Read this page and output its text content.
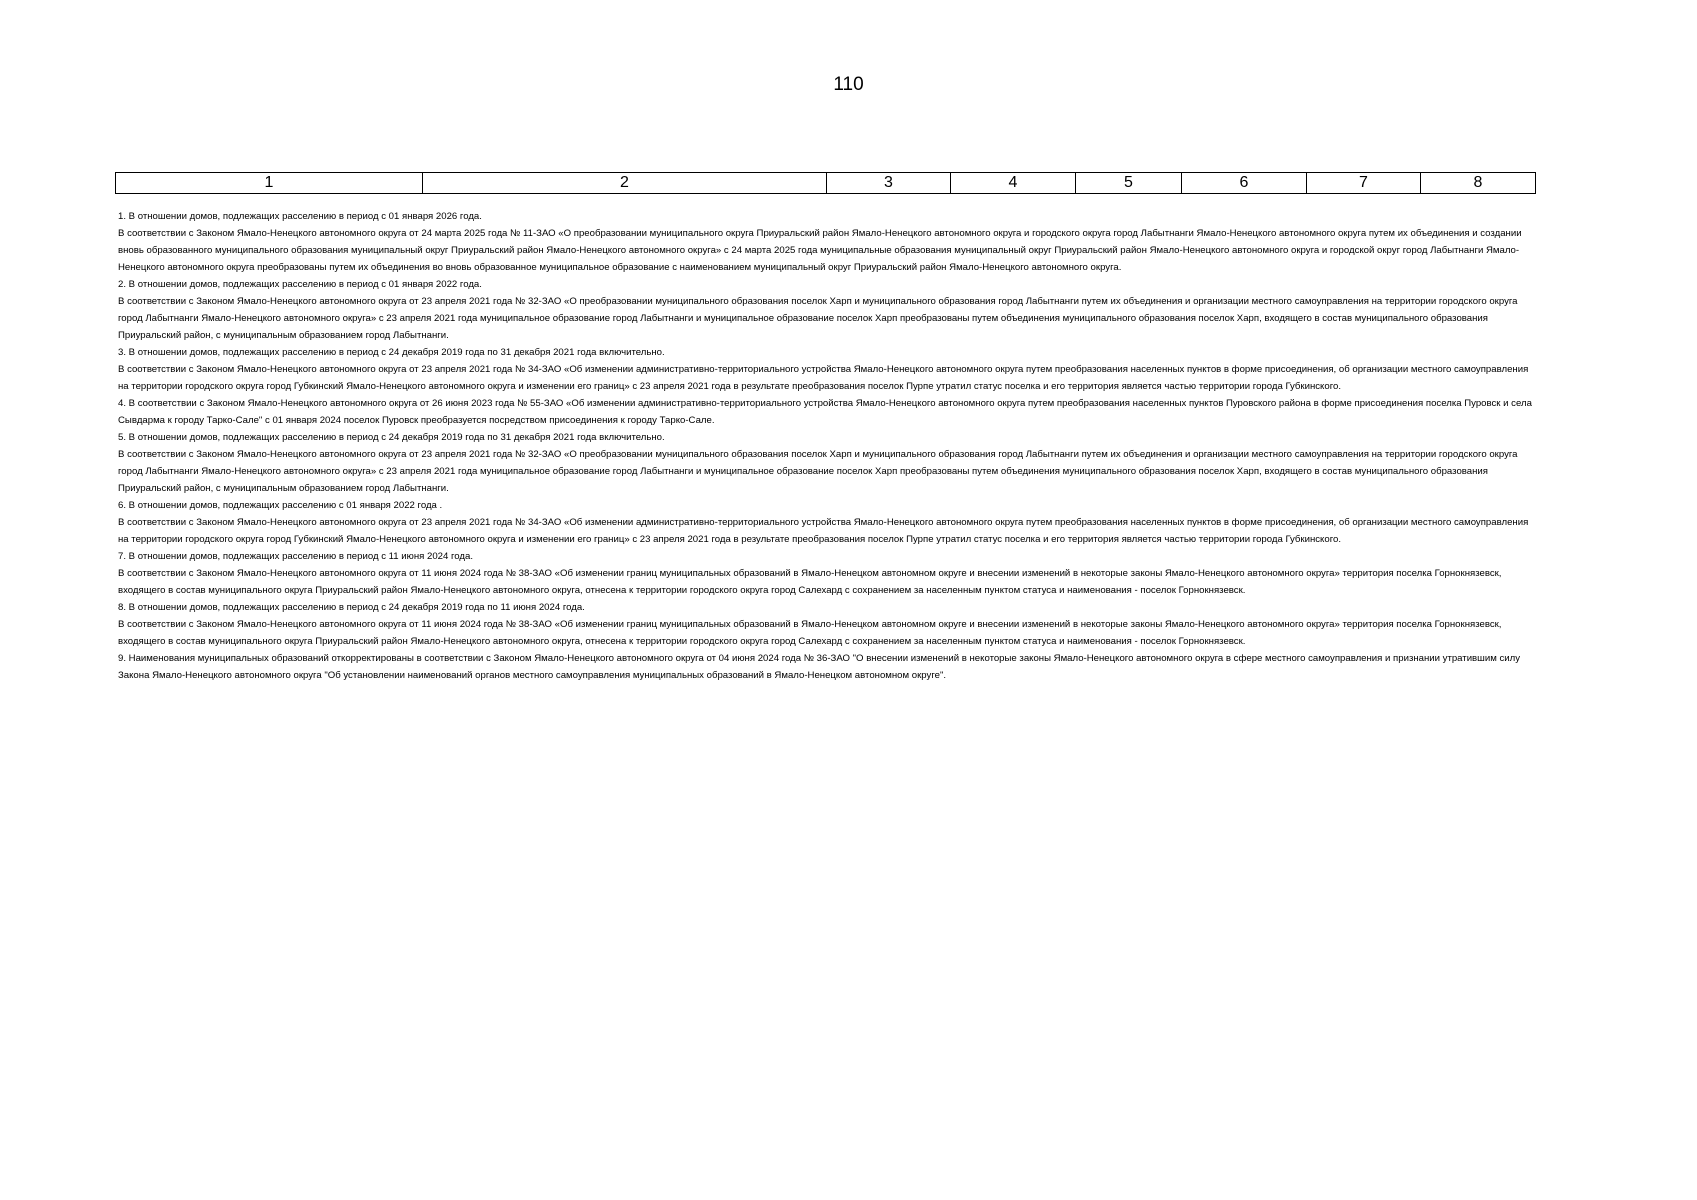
110
1	2	3	4	5	6	7	8

1. В отношении домов, подлежащих расселению в период с 01 января 2026 года.

В соответствии с Законом Ямало-Ненецкого автономного округа от 24 марта 2025 года № 11-ЗАО «О преобразовании муниципального округа Приуральский район Ямало-Ненецкого автономного округа и городского округа город Лабытнанги Ямало-Ненецкого автономного округа путем их объединения и создании вновь образованного муниципального образования муниципальный округ Приуральский район Ямало-Ненецкого автономного округа» с 24 марта 2025 года муниципальные образования муниципальный округ Приуральский район Ямало-Ненецкого автономного округа и городской округ город Лабытнанги Ямало-Ненецкого автономного округа преобразованы путем их объединения во вновь образованное муниципальное образование с наименованием муниципальный округ Приуральский район Ямало-Ненецкого автономного округа.

2. В отношении домов, подлежащих расселению в период с 01 января 2022 года.

В соответствии с Законом Ямало-Ненецкого автономного округа от 23 апреля 2021 года № 32-ЗАО «О преобразовании муниципального образования поселок Харп и муниципального образования город Лабытнанги путем их объединения и организации местного самоуправления на территории городского округа город Лабытнанги Ямало-Ненецкого автономного округа» с 23 апреля 2021 года муниципальное образование город Лабытнанги и муниципальное образование поселок Харп преобразованы путем объединения муниципального образования поселок Харп, входящего в состав муниципального образования Приуральский район, с муниципальным образованием город Лабытнанги.

3. В отношении домов, подлежащих расселению в период с 24 декабря 2019 года по 31 декабря 2021 года включительно.

В соответствии с Законом Ямало-Ненецкого автономного округа от 23 апреля 2021 года № 34-ЗАО «Об изменении административно-территориального устройства Ямало-Ненецкого автономного округа путем преобразования населенных пунктов в форме присоединения, об организации местного самоуправления на территории городского округа город Губкинский Ямало-Ненецкого автономного округа и изменении его границ» с 23 апреля 2021 года в результате преобразования поселок Пурпе утратил статус поселка и его территория является частью территории города Губкинского.

4. В соответствии с Законом Ямало-Ненецкого автономного округа от 26 июня 2023 года № 55-ЗАО «Об изменении административно-территориального устройства Ямало-Ненецкого автономного округа путем преобразования населенных пунктов Пуровского района в форме присоединения поселка Пуровск и села Сывдарма к городу Тарко-Сале" с 01 января 2024 поселок Пуровск преобразуется посредством присоединения к городу Тарко-Сале.

5. В отношении домов, подлежащих расселению в период с 24 декабря 2019 года по 31 декабря 2021 года включительно.

В соответствии с Законом Ямало-Ненецкого автономного округа от 23 апреля 2021 года № 32-ЗАО «О преобразовании муниципального образования поселок Харп и муниципального образования город Лабытнанги путем их объединения и организации местного самоуправления на территории городского округа город Лабытнанги Ямало-Ненецкого автономного округа» с 23 апреля 2021 года муниципальное образование город Лабытнанги и муниципальное образование поселок Харп преобразованы путем объединения муниципального образования поселок Харп, входящего в состав муниципального образования Приуральский район, с муниципальным образованием город Лабытнанги.

6. В отношении домов, подлежащих расселению с 01 января 2022 года .

В соответствии с Законом Ямало-Ненецкого автономного округа от 23 апреля 2021 года № 34-ЗАО «Об изменении административно-территориального устройства Ямало-Ненецкого автономного округа путем преобразования населенных пунктов в форме присоединения, об организации местного самоуправления на территории городского округа город Губкинский Ямало-Ненецкого автономного округа и изменении его границ» с 23 апреля 2021 года в результате преобразования поселок Пурпе утратил статус поселка и его территория является частью территории города Губкинского.

7. В отношении домов, подлежащих расселению в период с 11 июня 2024 года.

В соответствии с Законом Ямало-Ненецкого автономного округа от 11 июня 2024 года № 38-ЗАО «Об изменении границ муниципальных образований в Ямало-Ненецком автономном округе и внесении изменений в некоторые законы Ямало-Ненецкого автономного округа» территория поселка Горнокнязевск, входящего в состав муниципального округа Приуральский район Ямало-Ненецкого автономного округа, отнесена к территории городского округа город Салехард с сохранением за населенным пунктом статуса и наименования - поселок Горнокнязевск.

8. В отношении домов, подлежащих расселению в период с 24 декабря 2019 года по 11 июня 2024 года.

В соответствии с Законом Ямало-Ненецкого автономного округа от 11 июня 2024 года № 38-ЗАО «Об изменении границ муниципальных образований в Ямало-Ненецком автономном округе и внесении изменений в некоторые законы Ямало-Ненецкого автономного округа» территория поселка Горнокнязевск, входящего в состав муниципального округа Приуральский район Ямало-Ненецкого автономного округа, отнесена к территории городского округа город Салехард с сохранением за населенным пунктом статуса и наименования - поселок Горнокнязевск.

9. Наименования муниципальных образований откорректированы в соответствии с Законом Ямало-Ненецкого автономного округа от 04 июня 2024 года № 36-ЗАО "О внесении изменений в некоторые законы Ямало-Ненецкого автономного округа в сфере местного самоуправления и признании утратившим силу Закона Ямало-Ненецкого автономного округа "Об установлении наименований органов местного самоуправления муниципальных образований в Ямало-Ненецком автономном округе".
